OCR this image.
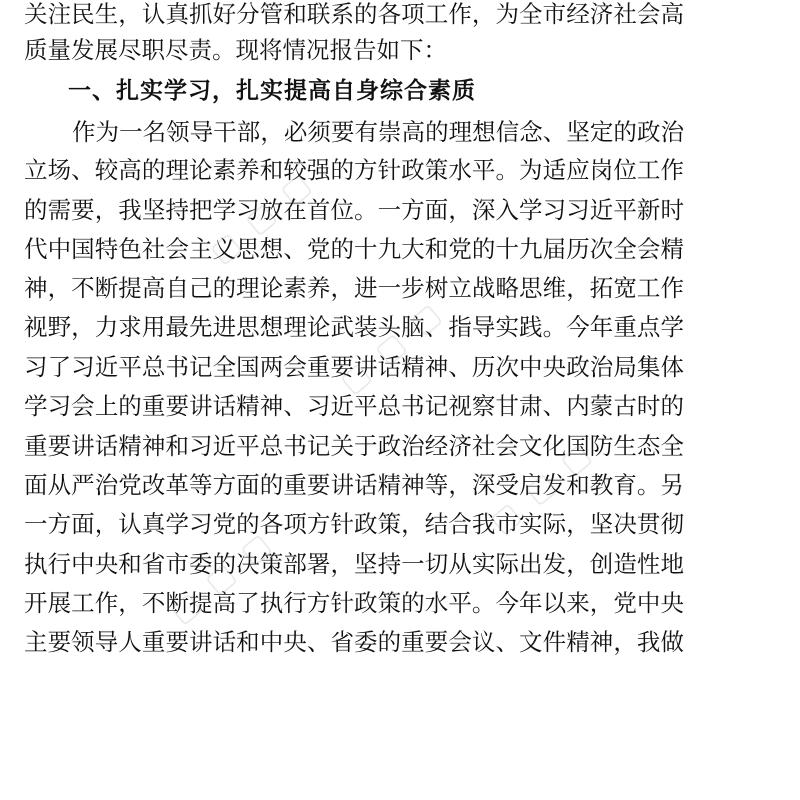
关注民生，认真抓好分管和联系的各项工作，为全市经济社会高
质量发展尽职尽责。现将情况报告如下：
一、扎实学习，扎实提高自身综合素质
作为一名领导干部，必须要有崇高的理想信念、坚定的政治
立场、较高的理论素养和较强的方针政策水平。为适应岗位工作
的需要，我坚持把学习放在首位。一方面，深入学习习近平新时
代中国特色社会主义思想、党的十九大和党的十九届历次全会精
神，不断提高自己的理论素养，进一步树立战略思维，拓宽工作
视野，力求用最先进思想理论武装头脑、指导实践。今年重点学
习了习近平总书记全国两会重要讲话精神、历次中央政治局集体
学习会上的重要讲话精神、习近平总书记视察甘肃、内蒙古时的
重要讲话精神和习近平总书记关于政治经济社会文化国防生态全
面从严治党改革等方面的重要讲话精神等，深受启发和教育。另
一方面，认真学习党的各项方针政策，结合我市实际，坚决贯彻
执行中央和省市委的决策部署，坚持一切从实际出发，创造性地
开展工作，不断提高了执行方针政策的水平。今年以来，党中央
主要领导人重要讲话和中央、省委的重要会议、文件精神，我做
▢ ▢ ▢
▢ ▢ ▢
▢ ▢ ▢
▢ ▢ ▢
